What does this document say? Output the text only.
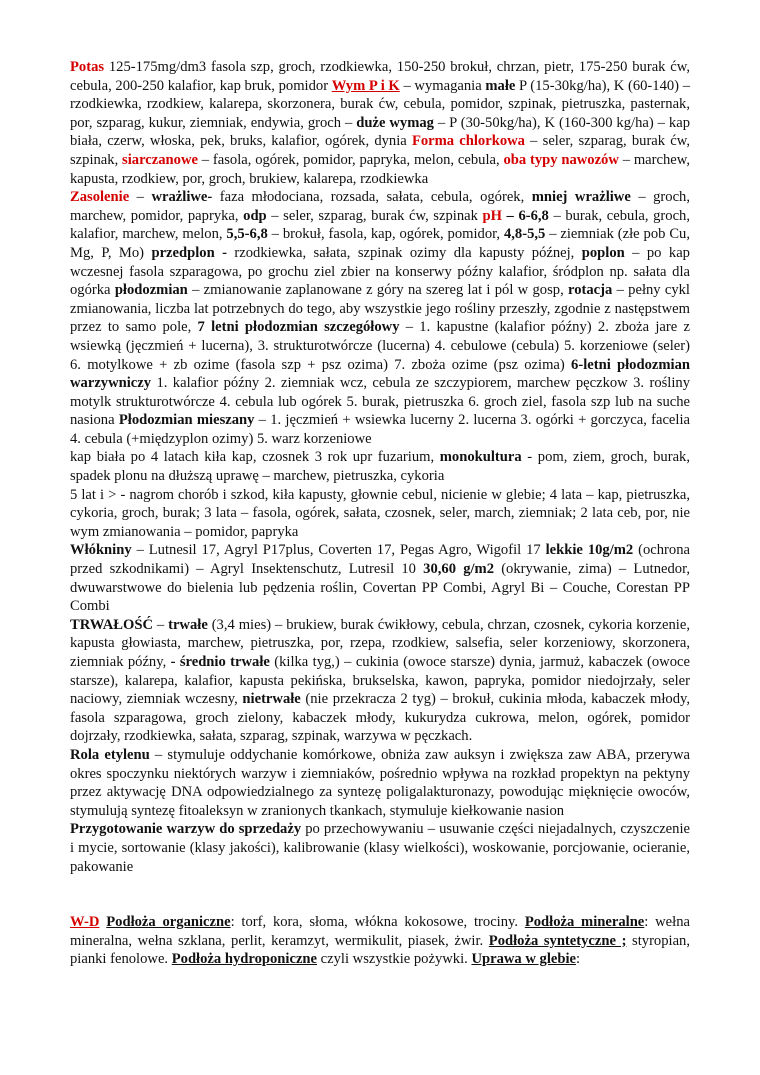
Potas 125-175mg/dm3 fasola szp, groch, rzodkiewka, 150-250 brokuł, chrzan, pietr, 175-250 burak ćw, cebula, 200-250 kalafior, kap bruk, pomidor Wym P i K – wymagania małe P (15-30kg/ha), K (60-140) – rzodkiewka, rzodkiew, kalarepa, skorzonera, burak ćw, cebula, pomidor, szpinak, pietruszka, pasternak, por, szparag, kukur, ziemniak, endywia, groch – duże wymag – P (30-50kg/ha), K (160-300 kg/ha) – kap biała, czerw, włoska, pek, bruks, kalafior, ogórek, dynia Forma chlorkowa – seler, szparag, burak ćw, szpinak, siarczanowe – fasola, ogórek, pomidor, papryka, melon, cebula, oba typy nawozów – marchew, kapusta, rzodkiew, por, groch, brukiew, kalarepa, rzodkiewka

Zasolenie – wrażliwe- faza młodociana, rozsada, sałata, cebula, ogórek, mniej wrażliwe – groch, marchew, pomidor, papryka, odp – seler, szparag, burak ćw, szpinak pH – 6-6,8 – burak, cebula, groch, kalafior, marchew, melon, 5,5-6,8 – brokuł, fasola, kap, ogórek, pomidor, 4,8-5,5 – ziemniak (złe pob Cu, Mg, P, Mo) przedplon - rzodkiewka, sałata, szpinak ozimy dla kapusty późnej, poplon – po kap wczesnej fasola szparagowa, po grochu ziel zbier na konserwy późny kalafior, śródplon np. sałata dla ogórka płodozmian – zmianowanie zaplanowane z góry na szereg lat i pól w gosp, rotacja – pełny cykl zmianowania, liczba lat potrzebnych do tego, aby wszystkie jego rośliny przeszły, zgodnie z następstwem przez to samo pole, 7 letni płodozmian szczegółowy – 1. kapustne (kalafior późny) 2. zboża jare z wsiewką (jęczmień + lucerna), 3. strukturotwórcze (lucerna) 4. cebulowe (cebula) 5. korzeniowe (seler) 6. motylkowe + zb ozime (fasola szp + psz ozima) 7. zboża ozime (psz ozima) 6-letni płodozmian warzywniczy 1. kalafior późny 2. ziemniak wcz, cebula ze szczypiorem, marchew pęczkow 3. rośliny motylk strukturotwórcze 4. cebula lub ogórek 5. burak, pietruszka 6. groch ziel, fasola szp lub na suche nasiona Płodozmian mieszany – 1. jęczmień + wsiewka lucerny 2. lucerna 3. ogórki + gorczyca, facelia 4. cebula (+międzyplon ozimy) 5. warz korzeniowe

kap biała po 4 latach kiła kap, czosnek 3 rok upr fuzarium, monokultura - pom, ziem, groch, burak, spadek plonu na dłuższą uprawę – marchew, pietruszka, cykoria

5 lat i > - nagrom chorób i szkod, kiła kapusty, głownie cebul, nicienie w glebie; 4 lata – kap, pietruszka, cykoria, groch, burak; 3 lata – fasola, ogórek, sałata, czosnek, seler, march, ziemniak; 2 lata ceb, por, nie wym zmianowania – pomidor, papryka

Włókniny – Lutnesil 17, Agryl P17plus, Coverten 17, Pegas Agro, Wigofil 17 lekkie 10g/m2 (ochrona przed szkodnikami) – Agryl Insektenschutz, Lutresil 10 30,60 g/m2 (okrywanie, zima) – Lutnedor, dwuwarstwowe do bielenia lub pędzenia roślin, Covertan PP Combi, Agryl Bi – Couche, Corestan PP Combi

TRWAŁOŚĆ – trwałe (3,4 mies) – brukiew, burak ćwikłowy, cebula, chrzan, czosnek, cykoria korzenie, kapusta głowiasta, marchew, pietruszka, por, rzepa, rzodkiew, salsefia, seler korzeniowy, skorzonera, ziemniak późny, - średnio trwałe (kilka tyg,) – cukinia (owoce starsze) dynia, jarmuż, kabaczek (owoce starsze), kalarepa, kalafior, kapusta pekińska, brukselska, kawon, papryka, pomidor niedojrzały, seler naciowy, ziemniak wczesny, nietrwałe (nie przekracza 2 tyg) – brokuł, cukinia młoda, kabaczek młody, fasola szparagowa, groch zielony, kabaczek młody, kukurydza cukrowa, melon, ogórek, pomidor dojrzały, rzodkiewka, sałata, szparag, szpinak, warzywa w pęczkach.

Rola etylenu – stymuluje oddychanie komórkowe, obniża zaw auksyn i zwiększa zaw ABA, przerywa okres spoczynku niektórych warzyw i ziemniaków, pośrednio wpływa na rozkład propektyn na pektyny przez aktywację DNA odpowiedzialnego za syntezę poligalakturonazy, powodując mięknięcie owoców, stymulują syntezę fitoaleksyn w zranionych tkankach, stymuluje kiełkowanie nasion

Przygotowanie warzyw do sprzedaży po przechowywaniu – usuwanie części niejadalnych, czyszczenie i mycie, sortowanie (klasy jakości), kalibrowanie (klasy wielkości), woskowanie, porcjowanie, ocieranie, pakowanie

W-D Podłoża organiczne: torf, kora, słoma, włókna kokosowe, trociny. Podłoża mineralne: wełna mineralna, wełna szklana, perlit, keramzyt, wermikulit, piasek, żwir. Podłoża syntetyczne ; styropian, pianki fenolowe. Podłoża hydroponiczne czyli wszystkie pożywki. Uprawa w glebie:
